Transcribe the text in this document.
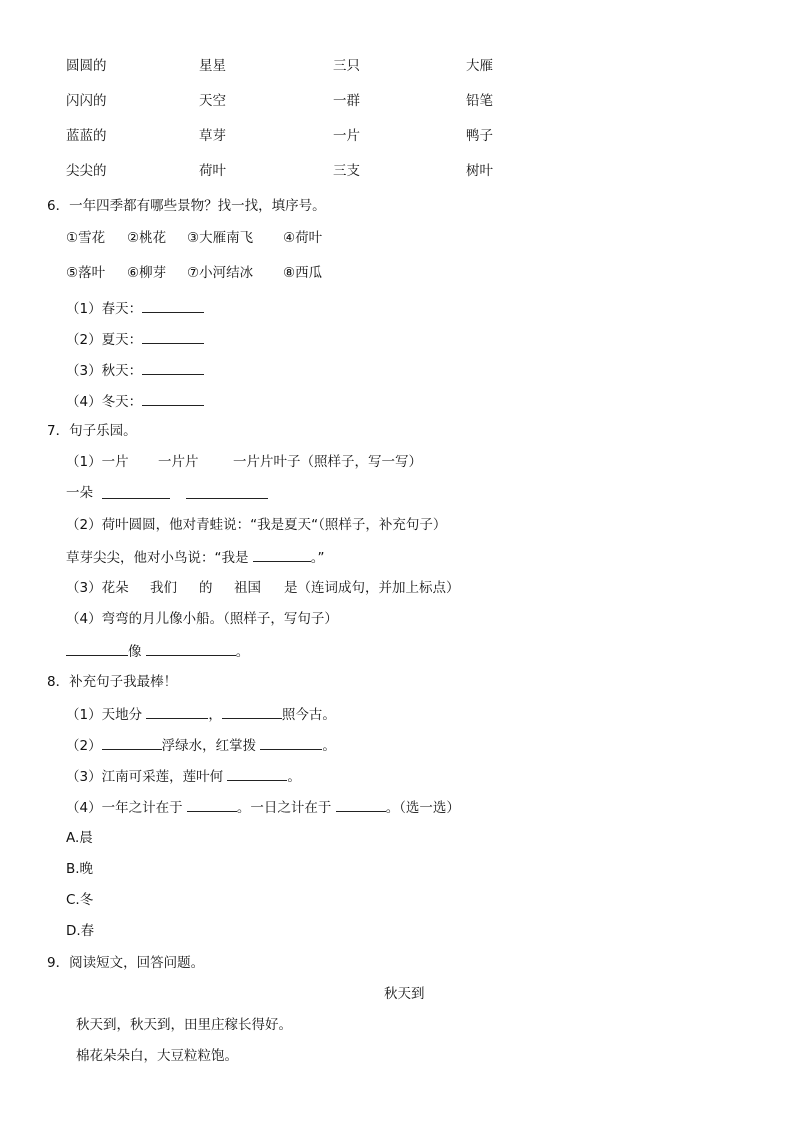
圆圆的	星星	三只	大雁
闪闪的	天空	一群	铅笔
蓝蓝的	草芽	一片	鸭子
尖尖的	荷叶	三支	树叶
6．一年四季都有哪些景物？找一找，填序号。
①雪花 ②桃花 ③大雁南飞 ④荷叶
⑤落叶 ⑥柳芽 ⑦小河结冰 ⑧西瓜
（1）春天：
（2）夏天：
（3）秋天：
（4）冬天：
7．句子乐园。
（1）一片 一片片	一片片叶子（照样子，写一写）
一朵
（2）荷叶圆圆，他对青蛙说：“我是夏天“（照样子，补充句子）
草芽尖尖，他对小鸟说：“我是	。”
（3）花朵 我们 的 祖国 是（连词成句，并加上标点）
（4）弯弯的月儿像小船。（照样子，写句子）
像	。
8．补充句子我最棒！
（1）天地分	，	照今古。
（2）	浮绿水，红掌拨	。
（3）江南可采莲，莲叶何	。
（4）一年之计在于	。一日之计在于	。（选一选）
A.晨
B.晚
C.冬
D.春
9．阅读短文，回答问题。
秋天到
秋天到，秋天到，田里庄稼长得好。
棉花朵朵白，大豆粒粒饱。
